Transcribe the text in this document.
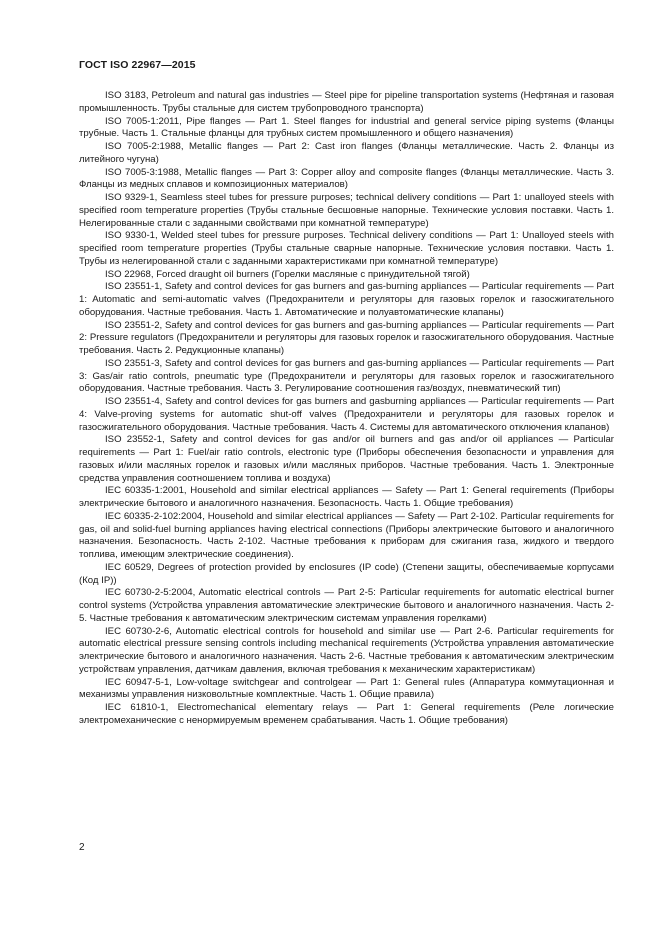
ГОСТ ISO 22967—2015

ISO 3183, Petroleum and natural gas industries — Steel pipe for pipeline transportation systems (Нефтяная и газовая промышленность. Трубы стальные для систем трубопроводного транспорта)

ISO 7005-1:2011, Pipe flanges — Part 1. Steel flanges for industrial and general service piping systems (Фланцы трубные. Часть 1. Стальные фланцы для трубных систем промышленного и общего назначения)

ISO 7005-2:1988, Metallic flanges — Part 2: Cast iron flanges (Фланцы металлические. Часть 2. Фланцы из литейного чугуна)

ISO 7005-3:1988, Metallic flanges — Part 3: Copper alloy and composite flanges (Фланцы металлические. Часть 3. Фланцы из медных сплавов и композиционных материалов)

ISO 9329-1, Seamless steel tubes for pressure purposes; technical delivery conditions — Part 1: unalloyed steels with specified room temperature properties (Трубы стальные бесшовные напорные. Технические условия поставки. Часть 1. Нелегированные стали с заданными свойствами при комнатной температуре)

ISO 9330-1, Welded steel tubes for pressure purposes. Technical delivery conditions — Part 1: Unalloyed steels with specified room temperature properties (Трубы стальные сварные напорные. Технические условия поставки. Часть 1. Трубы из нелегированной стали с заданными характеристиками при комнатной температуре)

ISO 22968, Forced draught oil burners (Горелки масляные с принудительной тягой)

ISO 23551-1, Safety and control devices for gas burners and gas-burning appliances — Particular requirements — Part 1: Automatic and semi-automatic valves (Предохранители и регуляторы для газовых горелок и газосжигательного оборудования. Частные требования. Часть 1. Автоматические и полуавтоматические клапаны)

ISO 23551-2, Safety and control devices for gas burners and gas-burning appliances — Particular requirements — Part 2: Pressure regulators (Предохранители и регуляторы для газовых горелок и газосжигательного оборудования. Частные требования. Часть 2. Редукционные клапаны)

ISO 23551-3, Safety and control devices for gas burners and gas-burning appliances — Particular requirements — Part 3: Gas/air ratio controls, pneumatic type (Предохранители и регуляторы для газовых горелок и газосжигательного оборудования. Частные требования. Часть 3. Регулирование соотношения газ/воздух, пневматический тип)

ISO 23551-4, Safety and control devices for gas burners and gasburning appliances — Particular requirements — Part 4: Valve-proving systems for automatic shut-off valves (Предохранители и регуляторы для газовых горелок и газосжигательного оборудования. Частные требования. Часть 4. Системы для автоматического отключения клапанов)

ISO 23552-1, Safety and control devices for gas and/or oil burners and gas and/or oil appliances — Particular requirements — Part 1: Fuel/air ratio controls, electronic type (Приборы обеспечения безопасности и управления для газовых и/или масляных горелок и газовых и/или масляных приборов. Частные требования. Часть 1. Электронные средства управления соотношением топлива и воздуха)

IEC 60335-1:2001, Household and similar electrical appliances — Safety — Part 1: General requirements (Приборы электрические бытового и аналогичного назначения. Безопасность. Часть 1. Общие требования)

IEC 60335-2-102:2004, Household and similar electrical appliances — Safety — Part 2-102. Particular requirements for gas, oil and solid-fuel burning appliances having electrical connections (Приборы электрические бытового и аналогичного назначения. Безопасность. Часть 2-102. Частные требования к приборам для сжигания газа, жидкого и твердого топлива, имеющим электрические соединения).

IEC 60529, Degrees of protection provided by enclosures (IP code) (Степени защиты, обеспечиваемые корпусами (Код IP))

IEC 60730-2-5:2004, Automatic electrical controls — Part 2-5: Particular requirements for automatic electrical burner control systems (Устройства управления автоматические электрические бытового и аналогичного назначения. Часть 2-5. Частные требования к автоматическим электрическим системам управления горелками)

IEC 60730-2-6, Automatic electrical controls for household and similar use — Part 2-6. Particular requirements for automatic electrical pressure sensing controls including mechanical requirements (Устройства управления автоматические электрические бытового и аналогичного назначения. Часть 2-6. Частные требования к автоматическим электрическим устройствам управления, датчикам давления, включая требования к механическим характеристикам)

IEC 60947-5-1, Low-voltage switchgear and controlgear — Part 1: General rules (Аппаратура коммутационная и механизмы управления низковольтные комплектные. Часть 1. Общие правила)

IEC 61810-1, Electromechanical elementary relays — Part 1: General requirements (Реле логические электромеханические с ненормируемым временем срабатывания. Часть 1. Общие требования)

2
